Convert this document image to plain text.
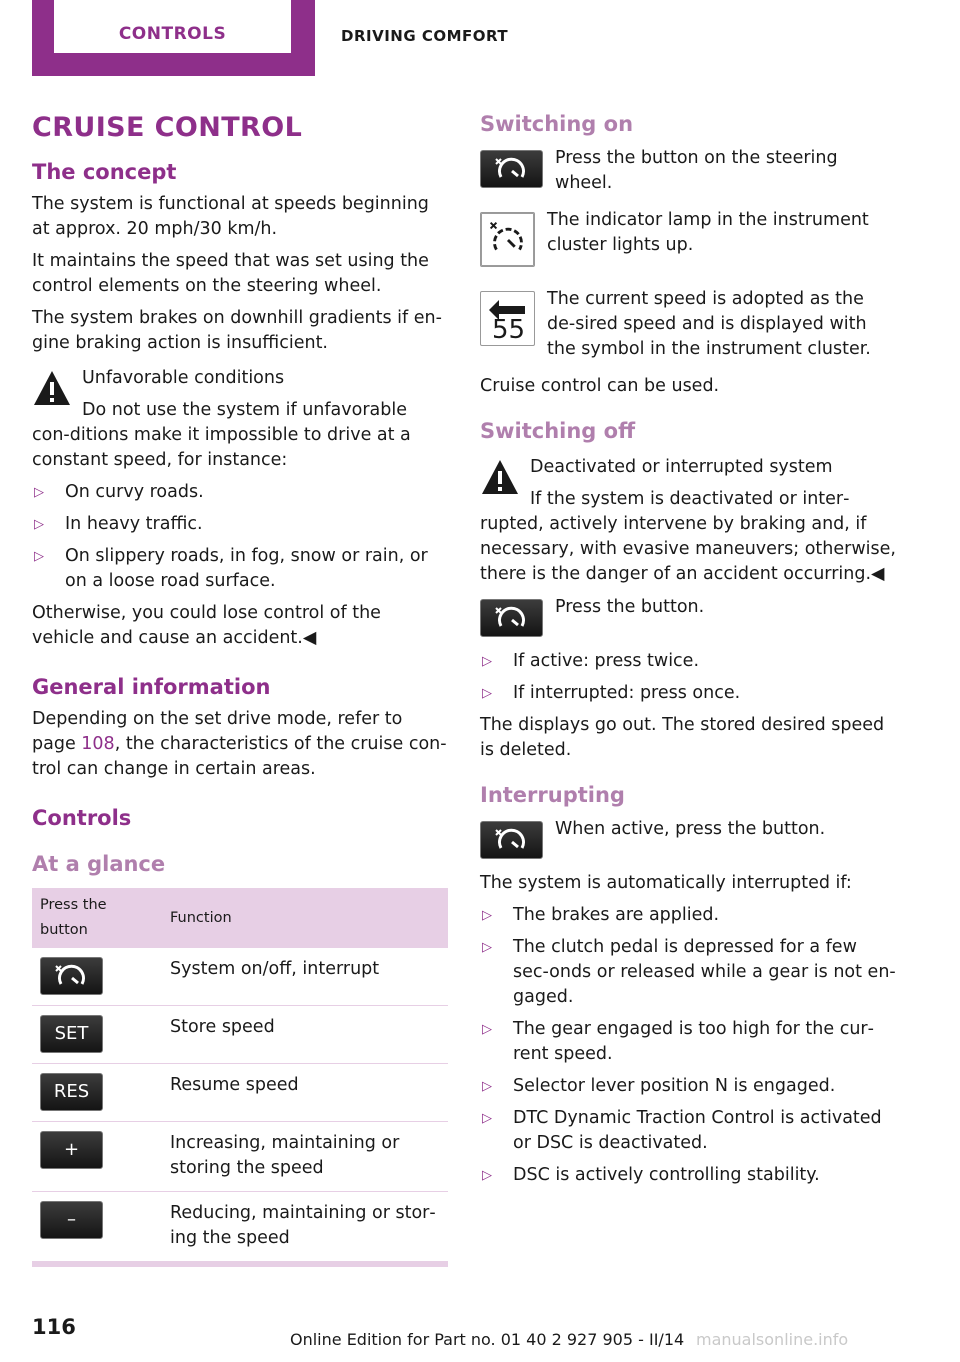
CONTROLS	DRIVING COMFORT
CRUISE CONTROL
The concept

The system is functional at speeds beginning at approx. 20 mph/30 km/h.

It maintains the speed that was set using the control elements on the steering wheel.

The system brakes on downhill gradients if en‐gine braking action is insufficient.

Unfavorable conditions

Do not use the system if unfavorable con‐ditions make it impossible to drive at a constant speed, for instance:

▷ On curvy roads.
▷ In heavy traffic.
▷ On slippery roads, in fog, snow or rain, or on a loose road surface.

Otherwise, you could lose control of the vehicle and cause an accident.◀

General information

Depending on the set drive mode, refer to page 108, the characteristics of the cruise con‐trol can change in certain areas.

Controls
At a glance
Press the button	Function

	System on/off, interrupt

SET	Store speed

RES	Resume speed

+	Increasing, maintaining or storing the speed

–	Reducing, maintaining or stor‐ing the speed
Switching on

Press the button on the steering wheel.

The indicator lamp in the instrument cluster lights up.

55

The current speed is adopted as the de‐sired speed and is displayed with the symbol in the instrument cluster.

Cruise control can be used.

Switching off

Deactivated or interrupted system

If the system is deactivated or inter‐rupted, actively intervene by braking and, if necessary, with evasive maneuvers; otherwise, there is the danger of an accident occurring.◀

Press the button.

▷ If active: press twice.
▷ If interrupted: press once.

The displays go out. The stored desired speed is deleted.

Interrupting

When active, press the button.

The system is automatically interrupted if:

▷ The brakes are applied.
▷ The clutch pedal is depressed for a few sec‐onds or released while a gear is not en‐gaged.
▷ The gear engaged is too high for the cur‐rent speed.
▷ Selector lever position N is engaged.
▷ DTC Dynamic Traction Control is activated or DSC is deactivated.
▷ DSC is actively controlling stability.
116
Online Edition for Part no. 01 40 2 927 905 - II/14 manualsonline.info
